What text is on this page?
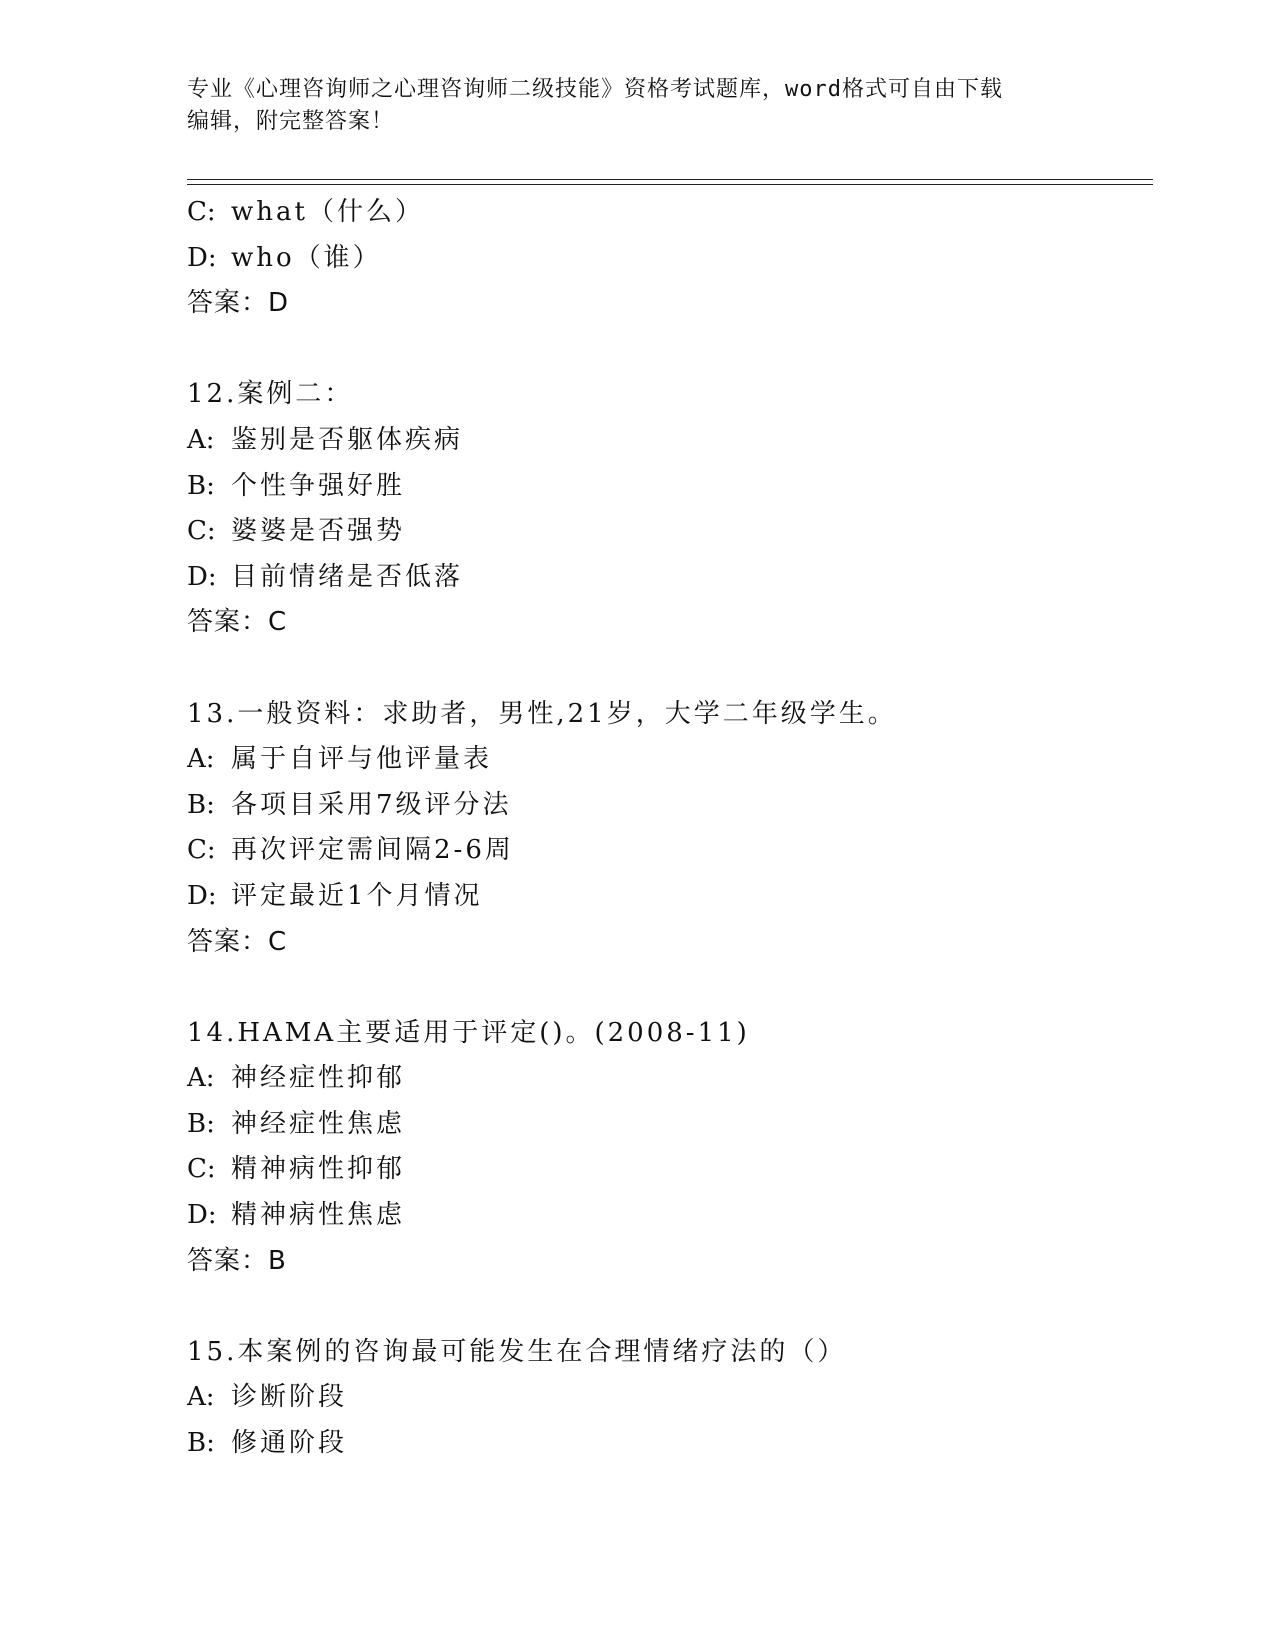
专业《心理咨询师之心理咨询师二级技能》资格考试题库，word格式可自由下载
编辑，附完整答案！
C: what（什么）
D: who（谁）
答案：D
12.案例二：
A: 鉴别是否躯体疾病
B: 个性争强好胜
C: 婆婆是否强势
D: 目前情绪是否低落
答案：C
13.一般资料：求助者，男性,21岁，大学二年级学生。
A: 属于自评与他评量表
B: 各项目采用7级评分法
C: 再次评定需间隔2-6周
D: 评定最近1个月情况
答案：C
14.HAMA主要适用于评定()。(2008-11)
A: 神经症性抑郁
B: 神经症性焦虑
C: 精神病性抑郁
D: 精神病性焦虑
答案：B
15.本案例的咨询最可能发生在合理情绪疗法的（）
A: 诊断阶段
B: 修通阶段
